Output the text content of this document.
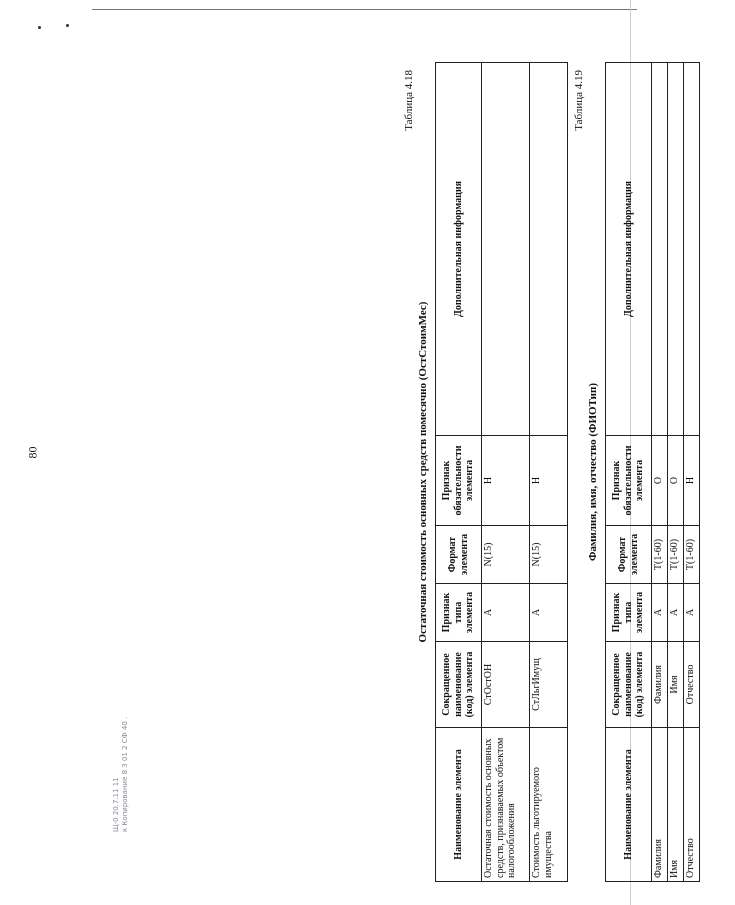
80
Таблица 4.18
Остаточная стоимость основных средств помесячно (ОстСтоимМес)
Наименование элемента	Сокращенное наименование (код) элемента	Признак типа элемента	Формат элемента	Признак обязательности элемента	Дополнительная информация
Остаточная стоимость основных средств, признаваемых объектом налогообложения	СтОстОН	А	N(15)	Н	
Стоимость льготируемого имущества	СтЛьгИмущ	А	N(15)	Н	
Таблица 4.19
Фамилия, имя, отчество (ФИОТип)
Наименование элемента	Сокращенное наименование (код) элемента	Признак типа элемента	Формат элемента	Признак обязательности элемента	Дополнительная информация
Фамилия	Фамилия	А	T(1-60)	О	
Имя	Имя	А	T(1-60)	О	
Отчество	Отчество	А	T(1-60)	Н	
Щ-0 20.7.11 11 к Копирование 8 3 01 2 СФ 40 .
